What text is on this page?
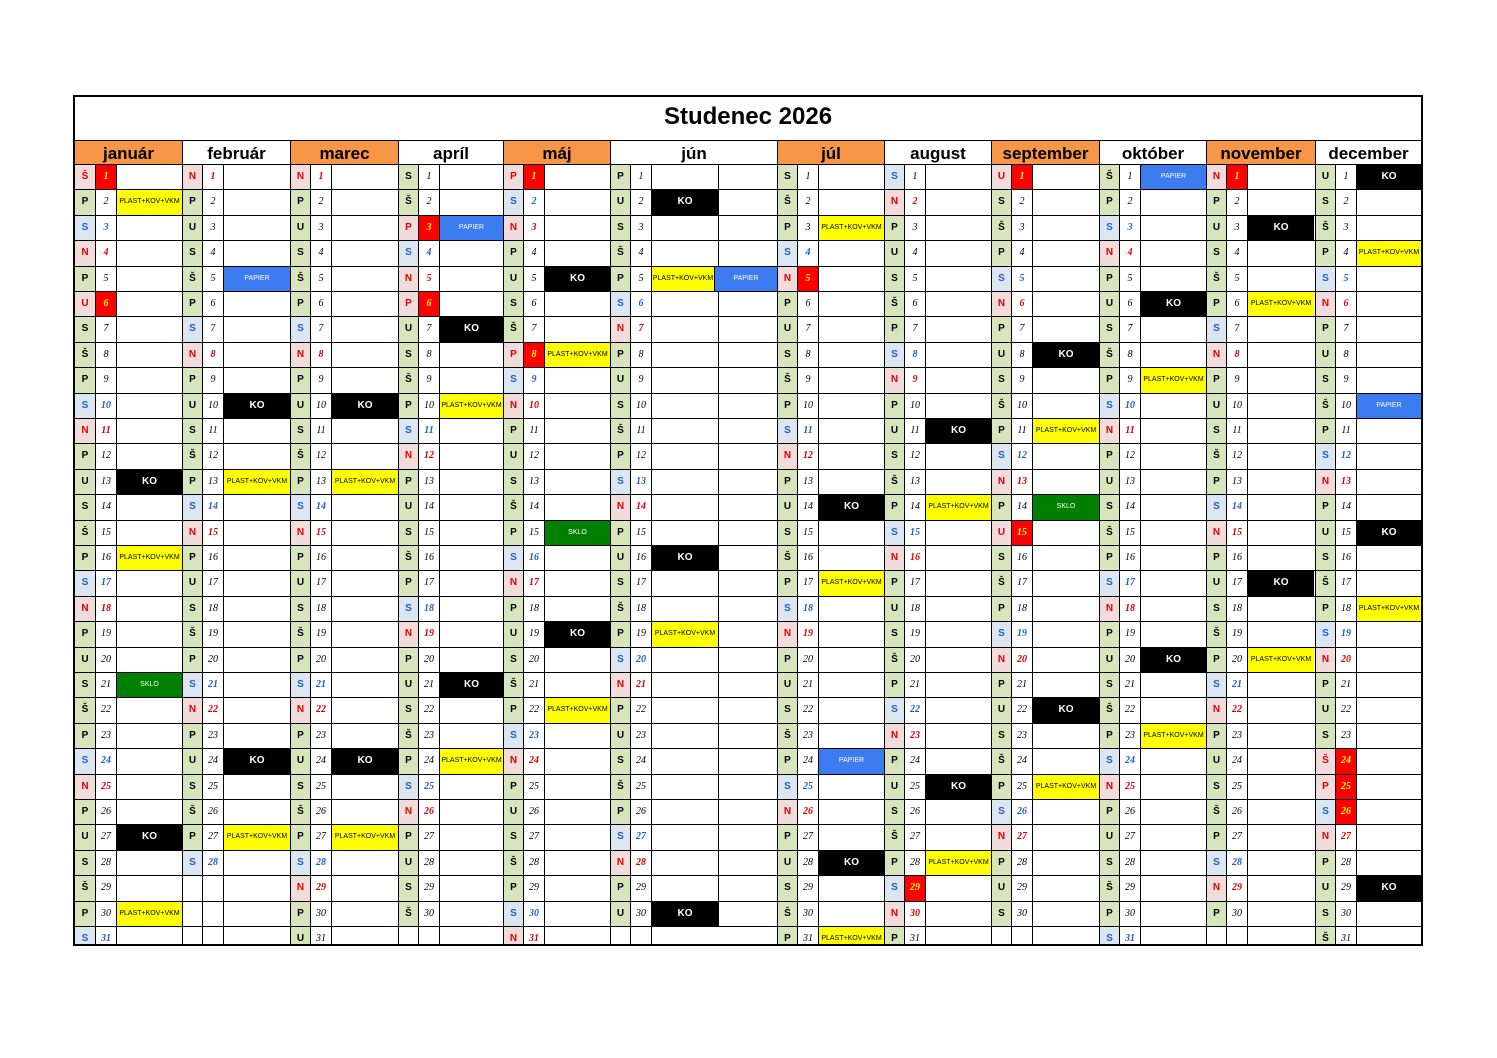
Studenec 2026
január
Š	1
P	2	PLAST+KOV+VKM
S	3
N	4
P	5
U	6
S	7
Š	8
P	9
S	10
N	11
P	12
U	13	KO
S	14
Š	15
P	16	PLAST+KOV+VKM
S	17
N	18
P	19
U	20
S	21	SKLO
Š	22
P	23
S	24
N	25
P	26
U	27	KO
S	28
Š	29
P	30	PLAST+KOV+VKM
S	31
február
N	1
P	2
U	3
S	4
Š	5	PAPIER
P	6
S	7
N	8
P	9
U	10	KO
S	11
Š	12
P	13	PLAST+KOV+VKM
S	14
N	15
P	16
U	17
S	18
Š	19
P	20
S	21
N	22
P	23
U	24	KO
S	25
Š	26
P	27	PLAST+KOV+VKM
S	28
marec
N	1
P	2
U	3
S	4
Š	5
P	6
S	7
N	8
P	9
U	10	KO
S	11
Š	12
P	13	PLAST+KOV+VKM
S	14
N	15
P	16
U	17
S	18
Š	19
P	20
S	21
N	22
P	23
U	24	KO
S	25
Š	26
P	27	PLAST+KOV+VKM
S	28
N	29
P	30
U	31
apríl
S	1
Š	2
P	3	PAPIER
S	4
N	5
P	6
U	7	KO
S	8
Š	9
P	10	PLAST+KOV+VKM
S	11
N	12
P	13
U	14
S	15
Š	16
P	17
S	18
N	19
P	20
U	21	KO
S	22
Š	23
P	24	PLAST+KOV+VKM
S	25
N	26
P	27
U	28
S	29
Š	30
máj
P	1
S	2
N	3
P	4
U	5	KO
S	6
Š	7
P	8	PLAST+KOV+VKM
S	9
N	10
P	11
U	12
S	13
Š	14
P	15	SKLO
S	16
N	17
P	18
U	19	KO
S	20
Š	21
P	22	PLAST+KOV+VKM
S	23
N	24
P	25
U	26
S	27
Š	28
P	29
S	30
N	31
jún
P	1
U	2	KO
S	3
Š	4
P	5	PLAST+KOV+VKM	PAPIER
S	6
N	7
P	8
U	9
S	10
Š	11
P	12
S	13
N	14
P	15
U	16	KO
S	17
Š	18
P	19	PLAST+KOV+VKM
S	20
N	21
P	22
U	23
S	24
Š	25
P	26
S	27
N	28
P	29
U	30	KO
júl
S	1
Š	2
P	3	PLAST+KOV+VKM
S	4
N	5
P	6
U	7
S	8
Š	9
P	10
S	11
N	12
P	13
U	14	KO
S	15
Š	16
P	17	PLAST+KOV+VKM
S	18
N	19
P	20
U	21
S	22
Š	23
P	24	PAPIER
S	25
N	26
P	27
U	28	KO
S	29
Š	30
P	31	PLAST+KOV+VKM
august
S	1
N	2
P	3
U	4
S	5
Š	6
P	7
S	8
N	9
P	10
U	11	KO
S	12
Š	13
P	14	PLAST+KOV+VKM
S	15
N	16
P	17
U	18
S	19
Š	20
P	21
S	22
N	23
P	24
U	25	KO
S	26
Š	27
P	28	PLAST+KOV+VKM
S	29
N	30
P	31
september
U	1
S	2
Š	3
P	4
S	5
N	6
P	7
U	8	KO
S	9
Š	10
P	11	PLAST+KOV+VKM
S	12
N	13
P	14	SKLO
U	15
S	16
Š	17
P	18
S	19
N	20
P	21
U	22	KO
S	23
Š	24
P	25	PLAST+KOV+VKM
S	26
N	27
P	28
U	29
S	30
október
Š	1	PAPIER
P	2
S	3
N	4
P	5
U	6	KO
S	7
Š	8
P	9	PLAST+KOV+VKM
S	10
N	11
P	12
U	13
S	14
Š	15
P	16
S	17
N	18
P	19
U	20	KO
S	21
Š	22
P	23	PLAST+KOV+VKM
S	24
N	25
P	26
U	27
S	28
Š	29
P	30
S	31
november
N	1
P	2
U	3	KO
S	4
Š	5
P	6	PLAST+KOV+VKM
S	7
N	8
P	9
U	10
S	11
Š	12
P	13
S	14
N	15
P	16
U	17	KO
S	18
Š	19
P	20	PLAST+KOV+VKM
S	21
N	22
P	23
U	24
S	25
Š	26
P	27
S	28
N	29
P	30
december
U	1	KO
S	2
Š	3
P	4	PLAST+KOV+VKM
S	5
N	6
P	7
U	8
S	9
Š	10	PAPIER
P	11
S	12
N	13
P	14
U	15	KO
S	16
Š	17
P	18	PLAST+KOV+VKM
S	19
N	20
P	21
U	22
S	23
Š	24
P	25
S	26
N	27
P	28
U	29	KO
S	30
Š	31
